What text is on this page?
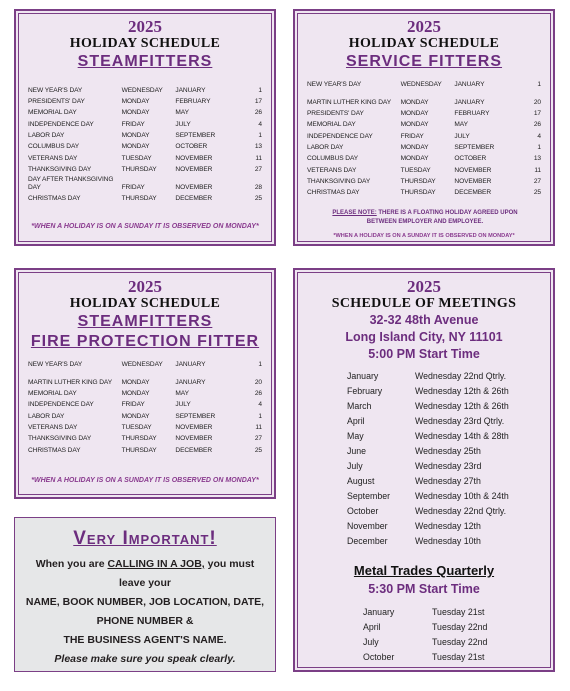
2025
HOLIDAY SCHEDULE
STEAMFITTERS
NEW YEAR'S DAY	WEDNESDAY	JANUARY	1
PRESIDENTS' DAY	MONDAY	FEBRUARY	17
MEMORIAL DAY	MONDAY	MAY	26
INDEPENDENCE DAY	FRIDAY	JULY	4
LABOR DAY	MONDAY	SEPTEMBER	1
COLUMBUS DAY	MONDAY	OCTOBER	13
VETERANS DAY	TUESDAY	NOVEMBER	11
THANKSGIVING DAY	THURSDAY	NOVEMBER	27
DAY AFTER THANKSGIVING DAY	FRIDAY	NOVEMBER	28
CHRISTMAS DAY	THURSDAY	DECEMBER	25
*WHEN A HOLIDAY IS ON A SUNDAY IT IS OBSERVED ON MONDAY*
2025
HOLIDAY SCHEDULE
SERVICE FITTERS
NEW YEAR'S DAY	WEDNESDAY	JANUARY	1
MARTIN LUTHER KING DAY	MONDAY	JANUARY	20
PRESIDENTS' DAY	MONDAY	FEBRUARY	17
MEMORIAL DAY	MONDAY	MAY	26
INDEPENDENCE DAY	FRIDAY	JULY	4
LABOR DAY	MONDAY	SEPTEMBER	1
COLUMBUS DAY	MONDAY	OCTOBER	13
VETERANS DAY	TUESDAY	NOVEMBER	11
THANKSGIVING DAY	THURSDAY	NOVEMBER	27
CHRISTMAS DAY	THURSDAY	DECEMBER	25
PLEASE NOTE: THERE IS A FLOATING HOLIDAY AGREED UPON BETWEEN EMPLOYER AND EMPLOYEE.
*WHEN A HOLIDAY IS ON A SUNDAY IT IS OBSERVED ON MONDAY*
2025
HOLIDAY SCHEDULE
STEAMFITTERS
FIRE PROTECTION FITTER
NEW YEAR'S DAY	WEDNESDAY	JANUARY	1
MARTIN LUTHER KING DAY	MONDAY	JANUARY	20
MEMORIAL DAY	MONDAY	MAY	26
INDEPENDENCE DAY	FRIDAY	JULY	4
LABOR DAY	MONDAY	SEPTEMBER	1
VETERANS DAY	TUESDAY	NOVEMBER	11
THANKSGIVING DAY	THURSDAY	NOVEMBER	27
CHRISTMAS DAY	THURSDAY	DECEMBER	25
*WHEN A HOLIDAY IS ON A SUNDAY IT IS OBSERVED ON MONDAY*
2025
SCHEDULE OF MEETINGS
32-32 48th Avenue
Long Island City, NY 11101
5:00 PM Start Time
January	Wednesday 22nd Qtrly.
February	Wednesday 12th & 26th
March	Wednesday 12th & 26th
April	Wednesday 23rd Qtrly.
May	Wednesday 14th & 28th
June	Wednesday 25th
July	Wednesday 23rd
August	Wednesday 27th
September	Wednesday 10th & 24th
October	Wednesday 22nd Qtrly.
November	Wednesday 12th
December	Wednesday 10th
Metal Trades Quarterly
5:30 PM Start Time
January	Tuesday 21st
April	Tuesday 22nd
July	Tuesday 22nd
October	Tuesday 21st
Very Important!
When you are CALLING IN A JOB, you must
leave your
NAME, BOOK NUMBER, JOB LOCATION, DATE,
PHONE NUMBER &
THE BUSINESS AGENT'S NAME.
Please make sure you speak clearly.
